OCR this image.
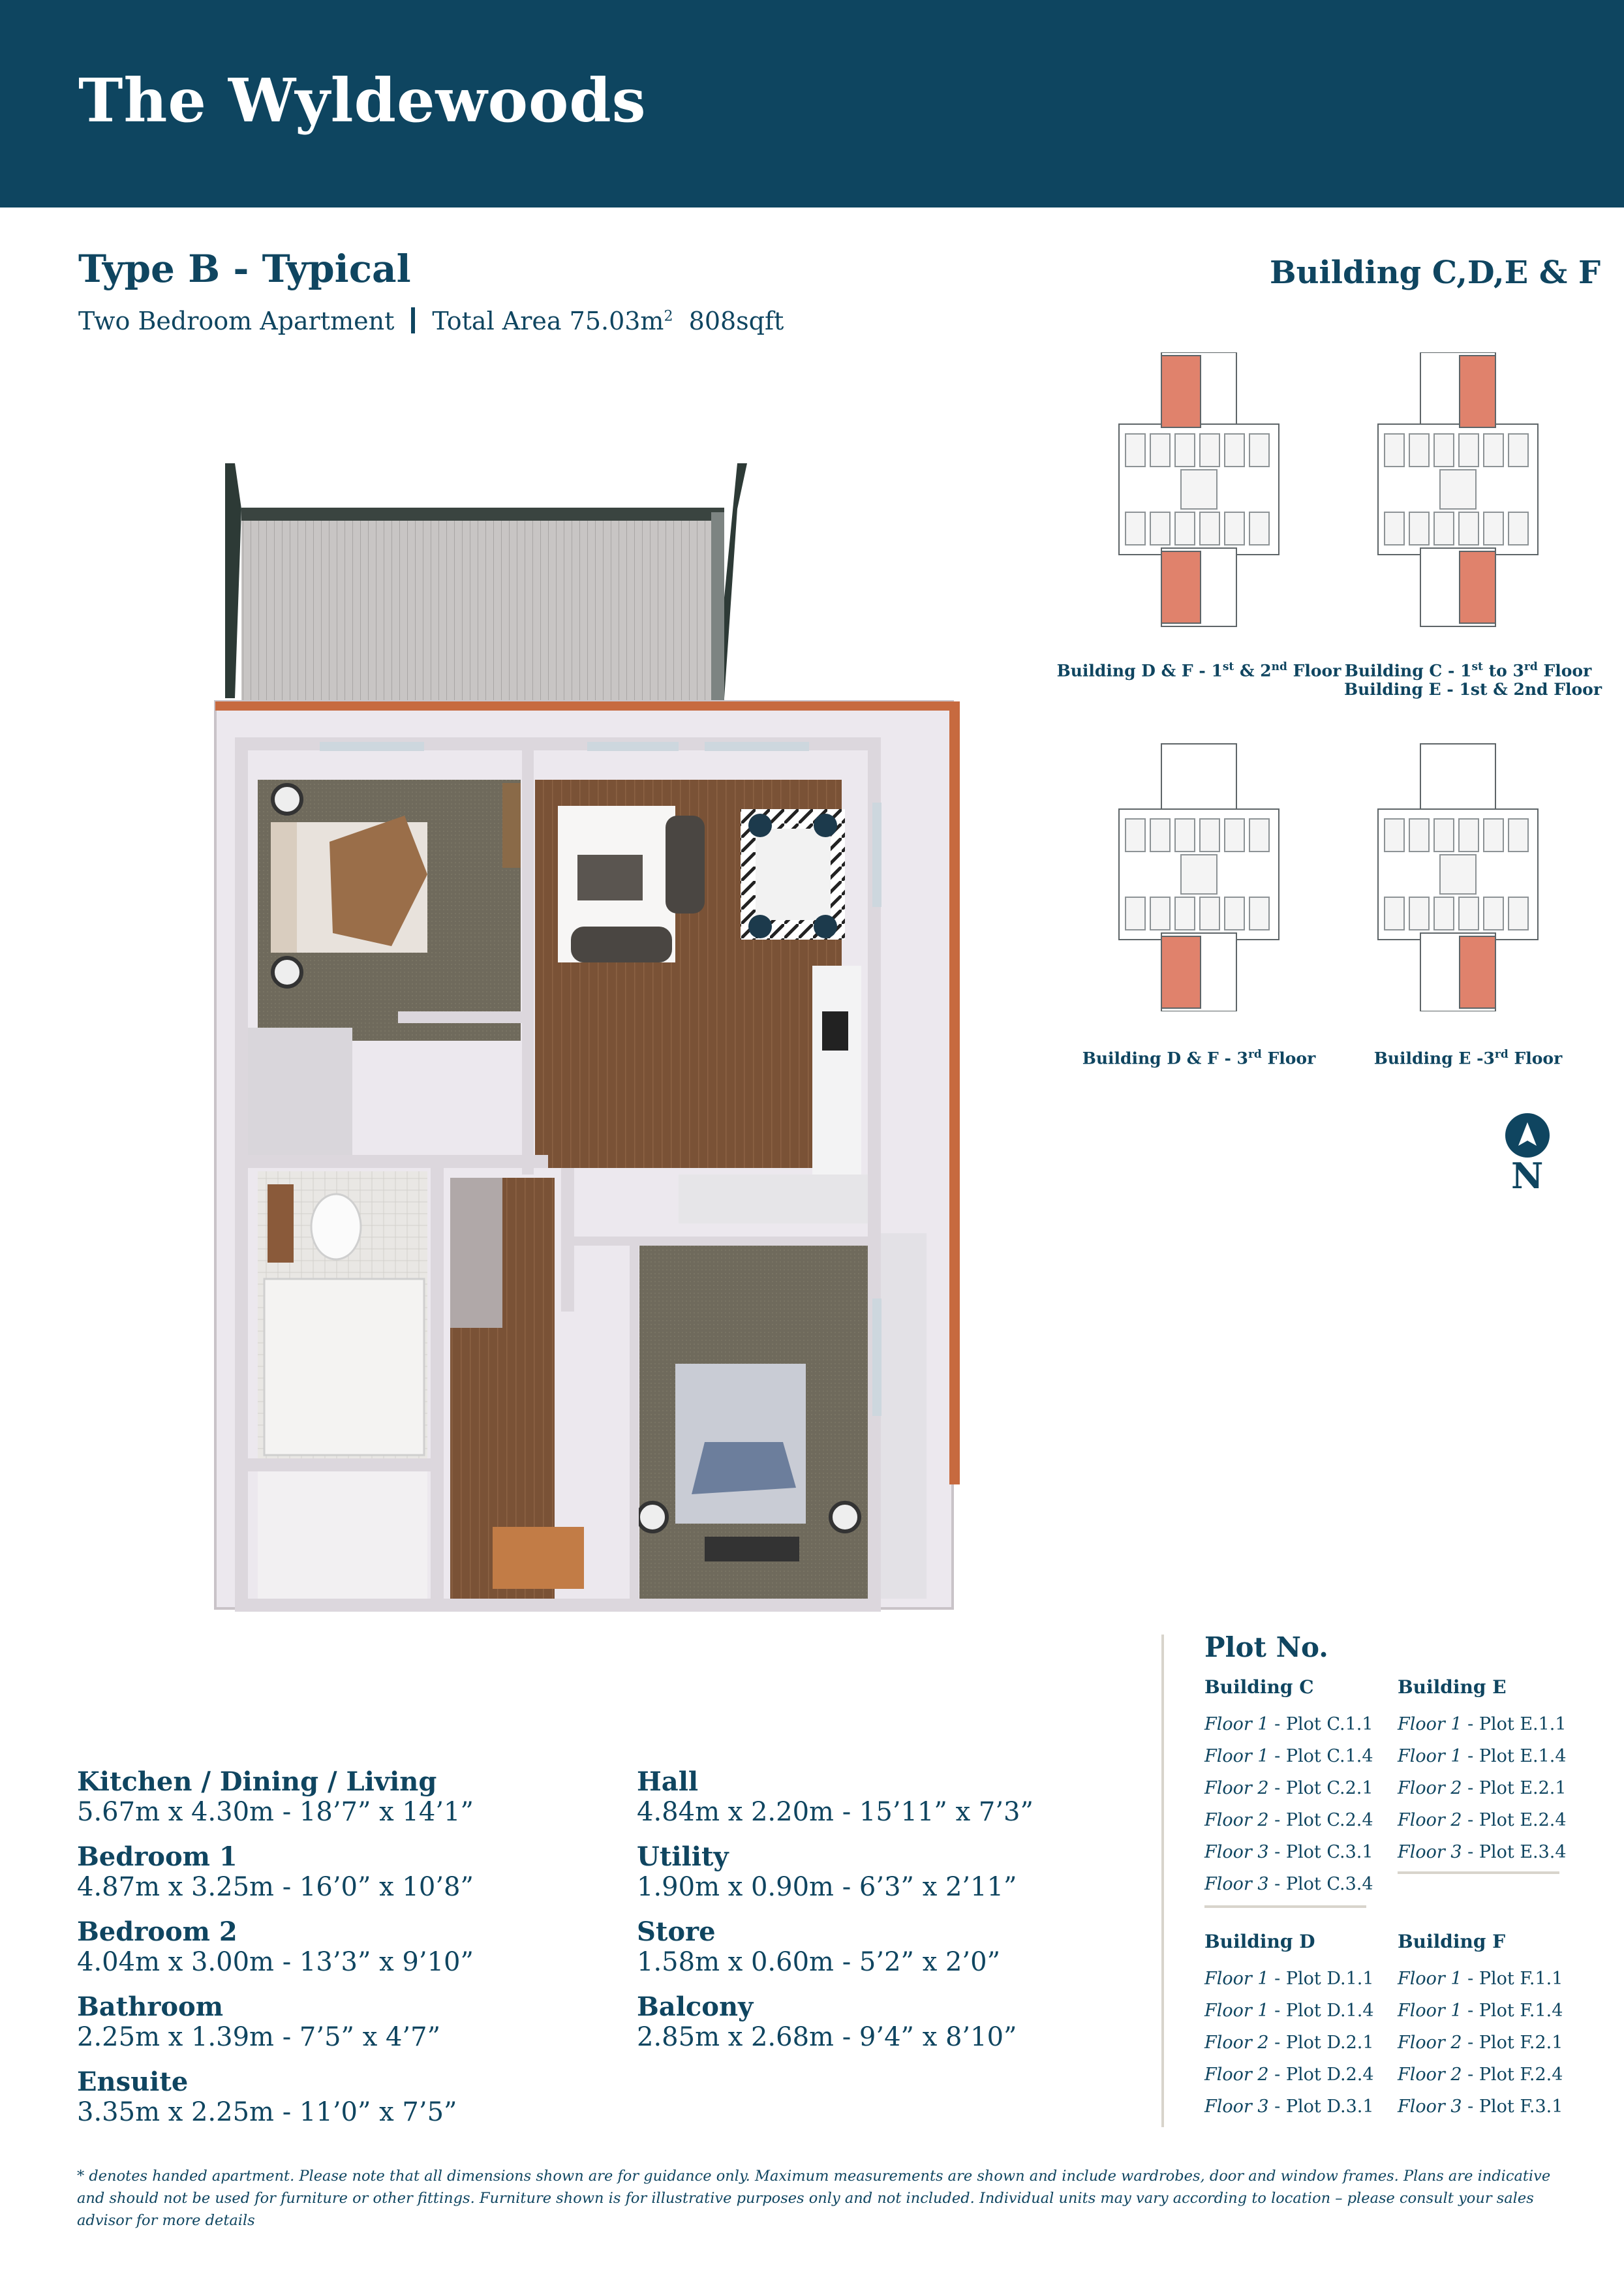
The Wyldewoods
Type B - Typical
Two Bedroom Apartment Total Area $75.03m^2$ 808sqft
Building C,D,E & F
Building D & F - 1st & 2nd Floor Building C - 1st to 3rd Floor
Building E - 1st & 2nd Floor
Building D & F - 3rd Floor	Building E -3rd Floor
N
Kitchen / Dining / Living
5.67m x 4.30m - 18’7” x 14’1”
Bedroom 1
4.87m x 3.25m - 16’0” x 10’8”
Bedroom 2
4.04m x 3.00m - 13’3” x 9’10”
Bathroom
2.25m x 1.39m - 7’5” x 4’7”
Ensuite
3.35m x 2.25m - 11’0” x 7’5”
Hall
4.84m x 2.20m - 15’11” x 7’3”
Utility
1.90m x 0.90m - 6’3” x 2’11”
Store
1.58m x 0.60m - 5’2” x 2’0”
Balcony
2.85m x 2.68m - 9’4” x 8’10”
Plot No.
Building C
Floor 1 - Plot C.1.1
Floor 1 - Plot C.1.4
Floor 2 - Plot C.2.1
Floor 2 - Plot C.2.4
Floor 3 - Plot C.3.1
Floor 3 - Plot C.3.4
Building E
Floor 1 - Plot E.1.1
Floor 1 - Plot E.1.4
Floor 2 - Plot E.2.1
Floor 2 - Plot E.2.4
Floor 3 - Plot E.3.4
Building D
Floor 1 - Plot D.1.1
Floor 1 - Plot D.1.4
Floor 2 - Plot D.2.1
Floor 2 - Plot D.2.4
Floor 3 - Plot D.3.1
Building F
Floor 1 - Plot F.1.1
Floor 1 - Plot F.1.4
Floor 2 - Plot F.2.1
Floor 2 - Plot F.2.4
Floor 3 - Plot F.3.1
* denotes handed apartment. Please note that all dimensions shown are for guidance only. Maximum measurements are shown and include wardrobes, door and window frames. Plans are indicative and should not be used for furniture or other fittings. Furniture shown is for illustrative purposes only and not included. Individual units may vary according to location – please consult your sales advisor for more details
